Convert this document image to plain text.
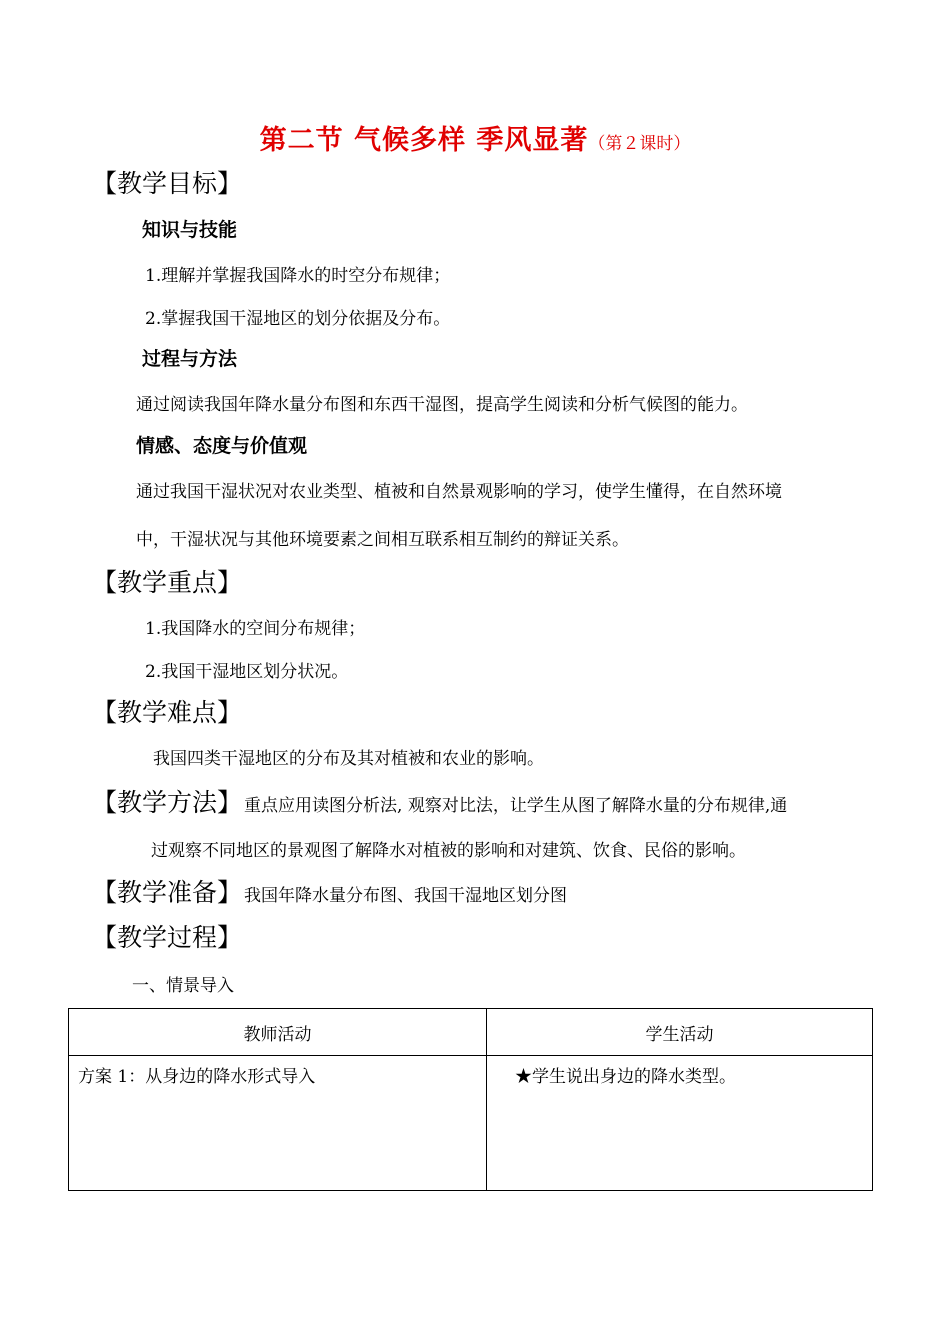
第二节 气候多样 季风显著（第２课时）
【教学目标】
知识与技能
1.理解并掌握我国降水的时空分布规律；
2.掌握我国干湿地区的划分依据及分布。
过程与方法
通过阅读我国年降水量分布图和东西干湿图，提高学生阅读和分析气候图的能力。
情感、态度与价值观
通过我国干湿状况对农业类型、植被和自然景观影响的学习，使学生懂得，在自然环境
中，干湿状况与其他环境要素之间相互联系相互制约的辩证关系。
【教学重点】
1.我国降水的空间分布规律；
2.我国干湿地区划分状况。
【教学难点】
我国四类干湿地区的分布及其对植被和农业的影响。
【教学方法】 重点应用读图分析法, 观察对比法，让学生从图了解降水量的分布规律,通
过观察不同地区的景观图了解降水对植被的影响和对建筑、饮食、民俗的影响。
【教学准备】 我国年降水量分布图、我国干湿地区划分图
【教学过程】
一、情景导入
教师活动	学生活动
方案 1：从身边的降水形式导入	★学生说出身边的降水类型。
